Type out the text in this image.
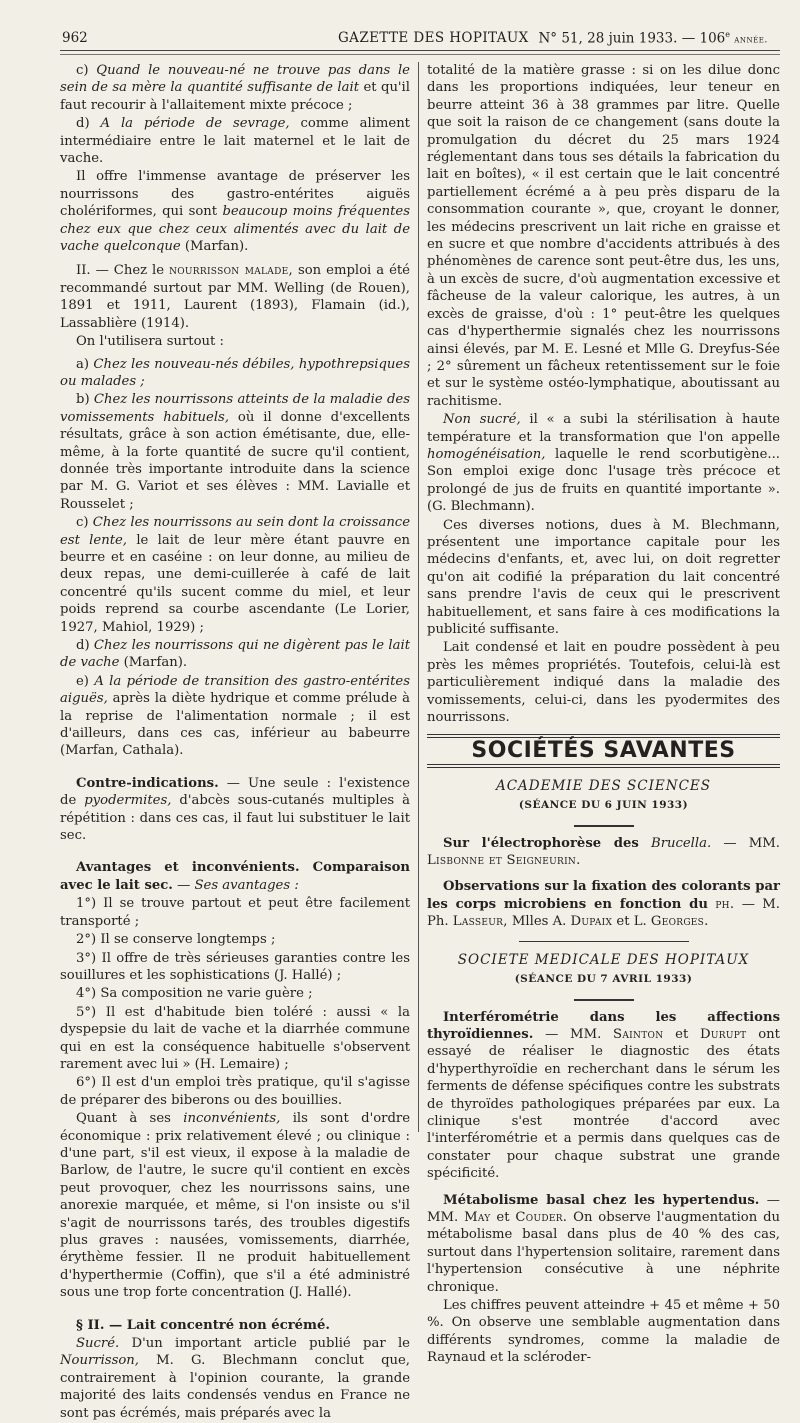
962	GAZETTE DES HOPITAUX N° 51, 28 juin 1933. — 106e année.

c) Quand le nouveau-né ne trouve pas dans le sein de sa mère la quantité suffisante de lait et qu'il faut recourir à l'allaitement mixte précoce ;

d) A la période de sevrage, comme aliment intermédiaire entre le lait maternel et le lait de vache.

Il offre l'immense avantage de préserver les nourrissons des gastro-entérites aiguës cholériformes, qui sont beaucoup moins fréquentes chez eux que chez ceux alimentés avec du lait de vache quelconque (Marfan).

II. — Chez le nourrisson malade, son emploi a été recommandé surtout par MM. Welling (de Rouen), 1891 et 1911, Laurent (1893), Flamain (id.), Lassablière (1914).

On l'utilisera surtout :

a) Chez les nouveau-nés débiles, hypothrepsiques ou malades ;

b) Chez les nourrissons atteints de la maladie des vomissements habituels, où il donne d'excellents résultats, grâce à son action émétisante, due, elle-même, à la forte quantité de sucre qu'il contient, donnée très importante introduite dans la science par M. G. Variot et ses élèves : MM. Lavialle et Rousselet ;

c) Chez les nourrissons au sein dont la croissance est lente, le lait de leur mère étant pauvre en beurre et en caséine : on leur donne, au milieu de deux repas, une demi-cuillerée à café de lait concentré qu'ils sucent comme du miel, et leur poids reprend sa courbe ascendante (Le Lorier, 1927, Mahiol, 1929) ;

d) Chez les nourrissons qui ne digèrent pas le lait de vache (Marfan).

e) A la période de transition des gastro-entérites aiguës, après la diète hydrique et comme prélude à la reprise de l'alimentation normale ; il est d'ailleurs, dans ces cas, inférieur au babeurre (Marfan, Cathala).

Contre-indications. — Une seule : l'existence de pyodermites, d'abcès sous-cutanés multiples à répétition : dans ces cas, il faut lui substituer le lait sec.

Avantages et inconvénients. Comparaison avec le lait sec. — Ses avantages :

1°) Il se trouve partout et peut être facilement transporté ;

2°) Il se conserve longtemps ;

3°) Il offre de très sérieuses garanties contre les souillures et les sophistications (J. Hallé) ;

4°) Sa composition ne varie guère ;

5°) Il est d'habitude bien toléré : aussi « la dyspepsie du lait de vache et la diarrhée commune qui en est la conséquence habituelle s'observent rarement avec lui » (H. Lemaire) ;

6°) Il est d'un emploi très pratique, qu'il s'agisse de préparer des biberons ou des bouillies.

Quant à ses inconvénients, ils sont d'ordre économique : prix relativement élevé ; ou clinique : d'une part, s'il est vieux, il expose à la maladie de Barlow, de l'autre, le sucre qu'il contient en excès peut provoquer, chez les nourrissons sains, une anorexie marquée, et même, si l'on insiste ou s'il s'agit de nourrissons tarés, des troubles digestifs plus graves : nausées, vomissements, diarrhée, érythème fessier. Il ne produit habituellement d'hyperthermie (Coffin), que s'il a été administré sous une trop forte concentration (J. Hallé).

§ II. — Lait concentré non écrémé.

Sucré. D'un important article publié par le Nourrisson, M. G. Blechmann conclut que, contrairement à l'opinion courante, la grande majorité des laits condensés vendus en France ne sont pas écrémés, mais préparés avec la

totalité de la matière grasse : si on les dilue donc dans les proportions indiquées, leur teneur en beurre atteint 36 à 38 grammes par litre. Quelle que soit la raison de ce changement (sans doute la promulgation du décret du 25 mars 1924 réglementant dans tous ses détails la fabrication du lait en boîtes), « il est certain que le lait concentré partiellement écrémé a à peu près disparu de la consommation courante », que, croyant le donner, les médecins prescrivent un lait riche en graisse et en sucre et que nombre d'accidents attribués à des phénomènes de carence sont peut-être dus, les uns, à un excès de sucre, d'où augmentation excessive et fâcheuse de la valeur calorique, les autres, à un excès de graisse, d'où : 1° peut-être les quelques cas d'hyperthermie signalés chez les nourrissons ainsi élevés, par M. E. Lesné et Mlle G. Dreyfus-Sée ; 2° sûrement un fâcheux retentissement sur le foie et sur le système ostéo-lymphatique, aboutissant au rachitisme.

Non sucré, il « a subi la stérilisation à haute température et la transformation que l'on appelle homogénéisation, laquelle le rend scorbutigène... Son emploi exige donc l'usage très précoce et prolongé de jus de fruits en quantité importante ». (G. Blechmann).

Ces diverses notions, dues à M. Blechmann, présentent une importance capitale pour les médecins d'enfants, et, avec lui, on doit regretter qu'on ait codifié la préparation du lait concentré sans prendre l'avis de ceux qui le prescrivent habituellement, et sans faire à ces modifications la publicité suffisante.

Lait condensé et lait en poudre possèdent à peu près les mêmes propriétés. Toutefois, celui-là est particulièrement indiqué dans la maladie des vomissements, celui-ci, dans les pyodermites des nourrissons.

SOCIÉTÉS SAVANTES
ACADEMIE DES SCIENCES
(SÉANCE DU 6 JUIN 1933)

Sur l'électrophorèse des Brucella. — MM. Lisbonne et Seigneurin.

Observations sur la fixation des colorants par les corps microbiens en fonction du ph. — M. Ph. Lasseur, Mlles A. Dupaix et L. Georges.

SOCIETE MEDICALE DES HOPITAUX
(SÉANCE DU 7 AVRIL 1933)

Interférométrie dans les affections thyroïdiennes. — MM. Sainton et Durupt ont essayé de réaliser le diagnostic des états d'hyperthyroïdie en recherchant dans le sérum les ferments de défense spécifiques contre les substrats de thyroïdes pathologiques préparées par eux. La clinique s'est montrée d'accord avec l'interférométrie et a permis dans quelques cas de constater pour chaque substrat une grande spécificité.

Métabolisme basal chez les hypertendus. — MM. May et Couder. On observe l'augmentation du métabolisme basal dans plus de 40 % des cas, surtout dans l'hypertension solitaire, rarement dans l'hypertension consécutive à une néphrite chronique.

Les chiffres peuvent atteindre + 45 et même + 50 %. On observe une semblable augmentation dans différents syndromes, comme la maladie de Raynaud et la scléroder-
